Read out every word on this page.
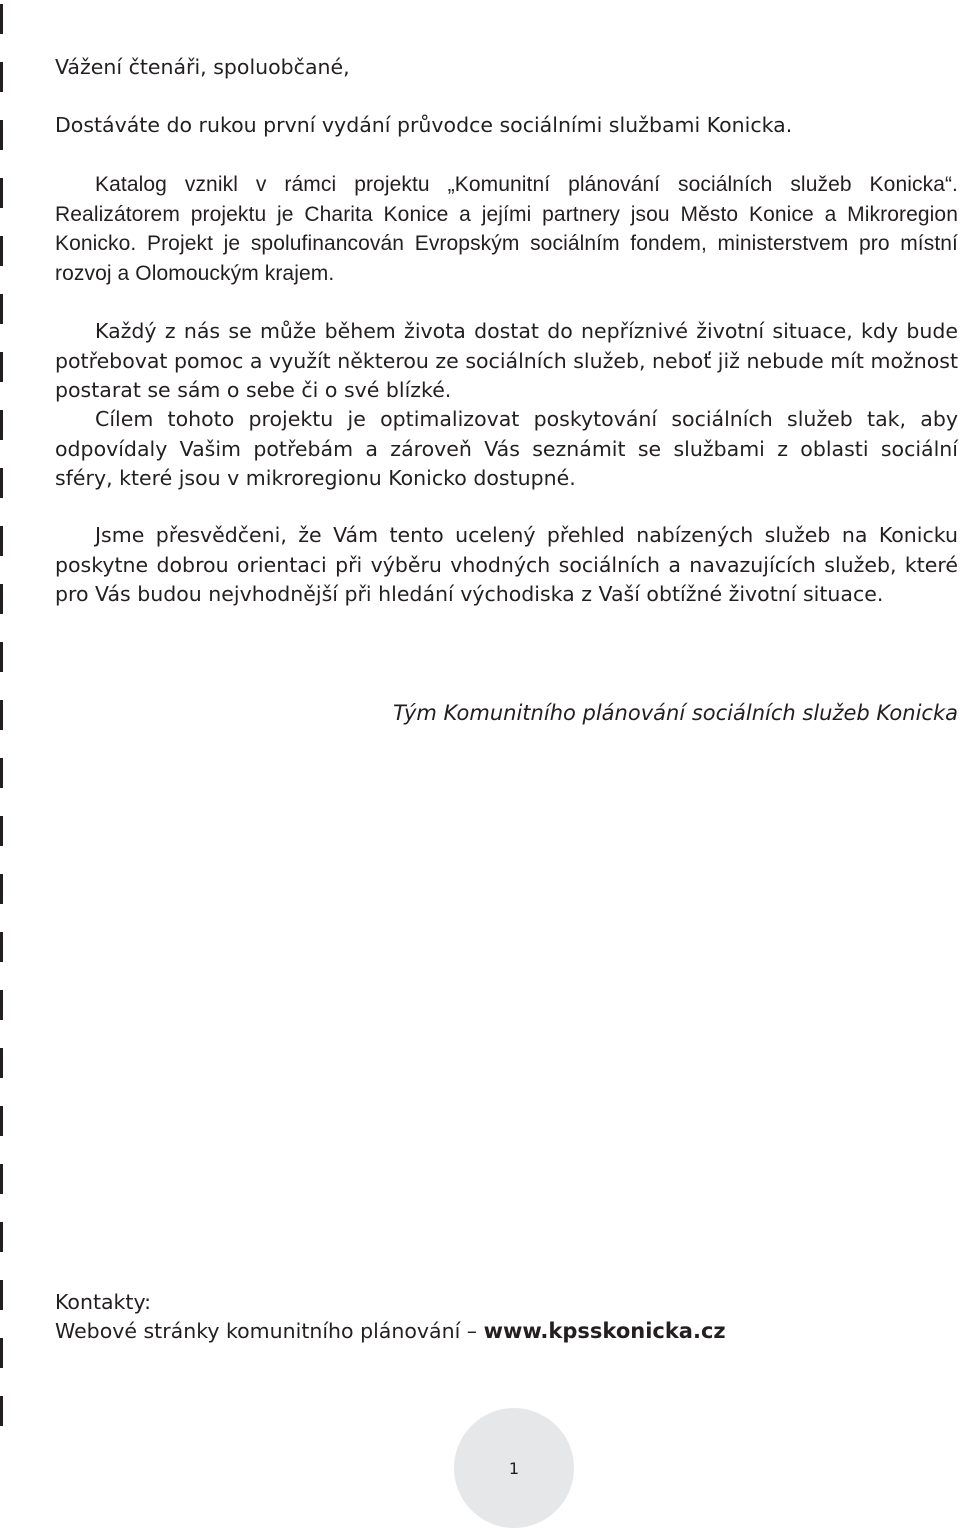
Vážení čtenáři, spoluobčané,

Dostáváte do rukou první vydání průvodce sociálními službami Konicka.

Katalog vznikl v rámci projektu „Komunitní plánování sociálních služeb Konicka“. Realizátorem projektu je Charita Konice a jejími partnery jsou Město Konice a Mikroregion Konicko. Projekt je spolufinancován Evropským sociálním fondem, ministerstvem pro místní rozvoj a Olomouckým krajem.

Každý z nás se může během života dostat do nepříznivé životní situace, kdy bude potřebovat pomoc a využít některou ze sociálních služeb, neboť již nebude mít možnost postarat se sám o sebe či o své blízké.

Cílem tohoto projektu je optimalizovat poskytování sociálních služeb tak, aby odpovídaly Vašim potřebám a zároveň Vás seznámit se službami z oblasti sociální sféry, které jsou v mikroregionu Konicko dostupné.

Jsme přesvědčeni, že Vám tento ucelený přehled nabízených služeb na Konicku poskytne dobrou orientaci při výběru vhodných sociálních a navazujících služeb, které pro Vás budou nejvhodnější při hledání východiska z Vaší obtížné životní situace.

Tým Komunitního plánování sociálních služeb Konicka

Kontakty:

Webové stránky komunitního plánování – www.kpsskonicka.cz

1
